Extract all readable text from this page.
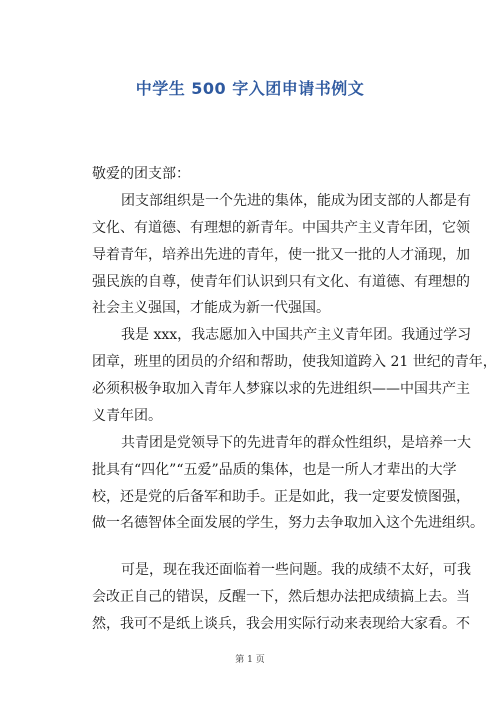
中学生 500 字入团申请书例文
敬爱的团支部：
团支部组织是一个先进的集体，能成为团支部的人都是有
文化、有道德、有理想的新青年。中国共产主义青年团，它领
导着青年，培养出先进的青年，使一批又一批的人才涌现，加
强民族的自尊，使青年们认识到只有文化、有道德、有理想的
社会主义强国，才能成为新一代强国。
我是 xxx，我志愿加入中国共产主义青年团。我通过学习
团章，班里的团员的介绍和帮助，使我知道跨入 21 世纪的青年，
必须积极争取加入青年人梦寐以求的先进组织——中国共产主
义青年团。
共青团是党领导下的先进青年的群众性组织，是培养一大
批具有“四化”“五爱”品质的集体，也是一所人才辈出的大学
校，还是党的后备军和助手。正是如此，我一定要发愤图强，
做一名德智体全面发展的学生，努力去争取加入这个先进组织。
可是，现在我还面临着一些问题。我的成绩不太好，可我
会改正自己的错误，反醒一下，然后想办法把成绩搞上去。当
然，我可不是纸上谈兵，我会用实际行动来表现给大家看。不
第 1 页
